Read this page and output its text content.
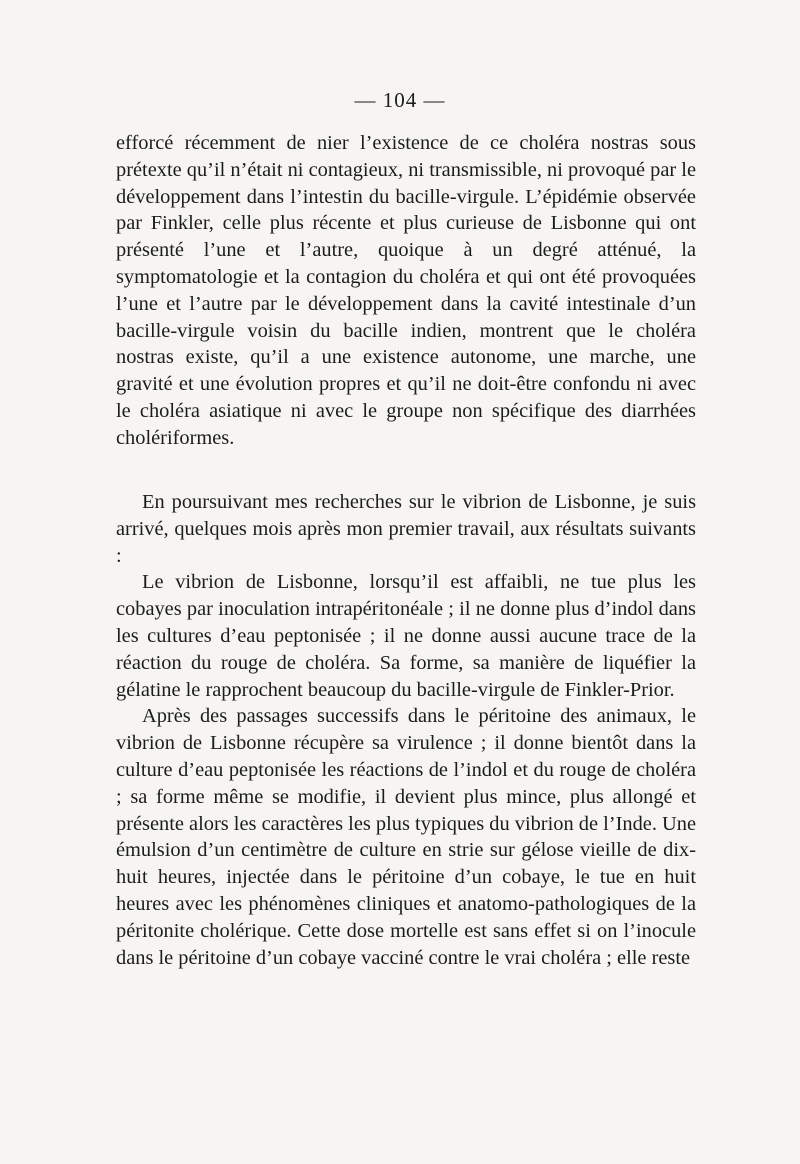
— 104 —

efforcé récemment de nier l’existence de ce choléra nostras sous prétexte qu’il n’était ni contagieux, ni transmissible, ni provoqué par le développement dans l’intestin du bacille-virgule. L’épidémie observée par Finkler, celle plus récente et plus curieuse de Lisbonne qui ont présenté l’une et l’autre, quoique à un degré atténué, la symptomatologie et la contagion du choléra et qui ont été provoquées l’une et l’autre par le développement dans la cavité intestinale d’un bacille-virgule voisin du bacille indien, montrent que le choléra nostras existe, qu’il a une existence autonome, une marche, une gravité et une évolution propres et qu’il ne doit-être confondu ni avec le choléra asiatique ni avec le groupe non spécifique des diarrhées cholériformes.

En poursuivant mes recherches sur le vibrion de Lisbonne, je suis arrivé, quelques mois après mon premier travail, aux résultats suivants :

Le vibrion de Lisbonne, lorsqu’il est affaibli, ne tue plus les cobayes par inoculation intrapéritonéale ; il ne donne plus d’indol dans les cultures d’eau peptonisée ; il ne donne aussi aucune trace de la réaction du rouge de choléra. Sa forme, sa manière de liquéfier la gélatine le rapprochent beaucoup du bacille-virgule de Finkler-Prior.

Après des passages successifs dans le péritoine des animaux, le vibrion de Lisbonne récupère sa virulence ; il donne bientôt dans la culture d’eau peptonisée les réactions de l’indol et du rouge de choléra ; sa forme même se modifie, il devient plus mince, plus allongé et présente alors les caractères les plus typiques du vibrion de l’Inde. Une émulsion d’un centimètre de culture en strie sur gélose vieille de dix-huit heures, injectée dans le péritoine d’un cobaye, le tue en huit heures avec les phénomènes cliniques et anatomo-pathologiques de la péritonite cholérique. Cette dose mortelle est sans effet si on l’inocule dans le péritoine d’un cobaye vacciné contre le vrai choléra ; elle reste
